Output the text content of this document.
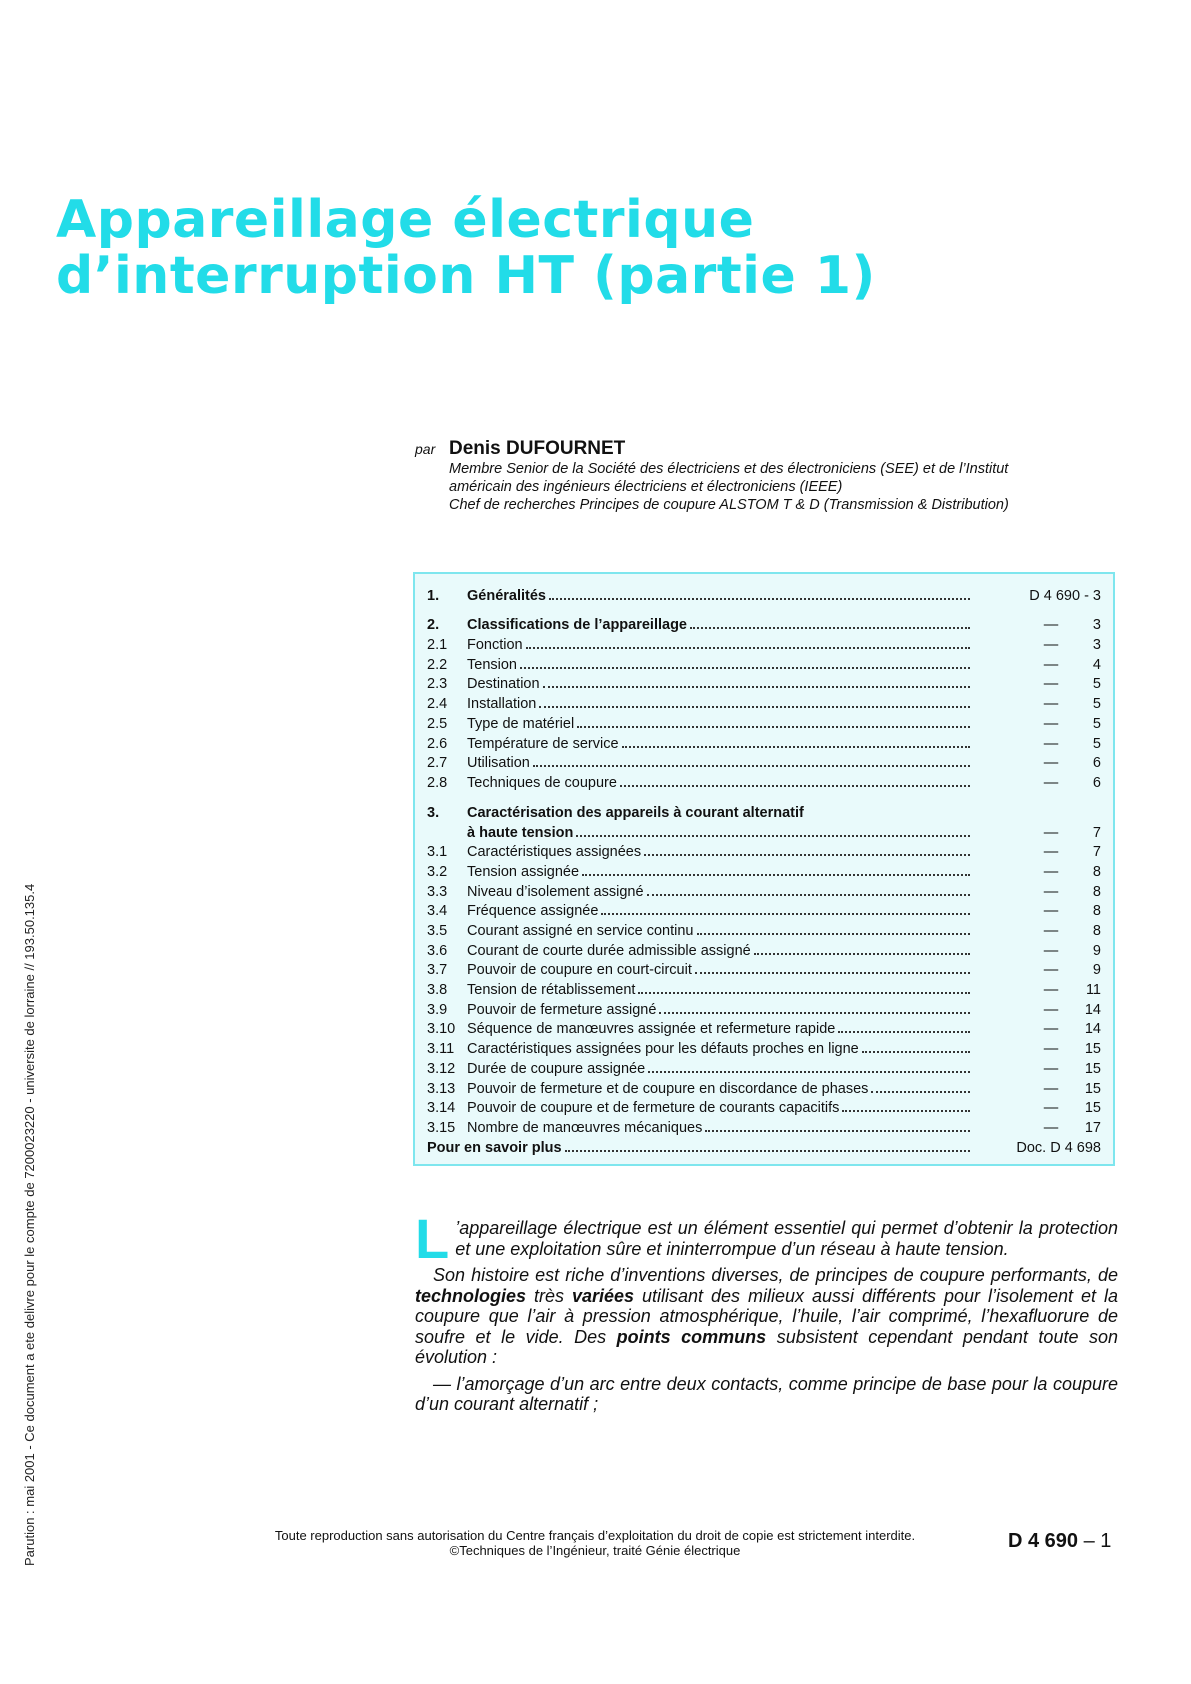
Appareillage électrique
d’interruption HT (partie 1)
par Denis DUFOURNET
Membre Senior de la Société des électriciens et des électroniciens (SEE) et de l’Institut
américain des ingénieurs électriciens et électroniciens (IEEE)
Chef de recherches Principes de coupure ALSTOM T & D (Transmission & Distribution)
1.	Généralités	D 4 690 - 3
2.	Classifications de l’appareillage	—	3
2.1	Fonction	—	3
2.2	Tension	—	4
2.3	Destination	—	5
2.4	Installation	—	5
2.5	Type de matériel	—	5
2.6	Température de service	—	5
2.7	Utilisation	—	6
2.8	Techniques de coupure	—	6
3.	Caractérisation des appareils à courant alternatif
à haute tension	—	7
3.1	Caractéristiques assignées	—	7
3.2	Tension assignée	—	8
3.3	Niveau d’isolement assigné	—	8
3.4	Fréquence assignée	—	8
3.5	Courant assigné en service continu	—	8
3.6	Courant de courte durée admissible assigné	—	9
3.7	Pouvoir de coupure en court-circuit	—	9
3.8	Tension de rétablissement	—	11
3.9	Pouvoir de fermeture assigné	—	14
3.10 Séquence de manœuvres assignée et refermeture rapide	—	14
3.11 Caractéristiques assignées pour les défauts proches en ligne	—	15
3.12 Durée de coupure assignée	—	15
3.13 Pouvoir de fermeture et de coupure en discordance de phases	—	15
3.14 Pouvoir de coupure et de fermeture de courants capacitifs	—	15
3.15 Nombre de manœuvres mécaniques	—	17
Pour en savoir plus	Doc. D 4 698

L ’appareillage électrique est un élément essentiel qui permet d’obtenir la protection et une exploitation sûre et ininterrompue d’un réseau à haute tension.

Son histoire est riche d’inventions diverses, de principes de coupure performants, de technologies très variées utilisant des milieux aussi différents pour l’isolement et la coupure que l’air à pression atmosphérique, l’huile, l’air comprimé, l’hexafluorure de soufre et le vide. Des points communs subsistent cependant pendant toute son évolution :

— l’amorçage d’un arc entre deux contacts, comme principe de base pour la coupure d’un courant alternatif ;

Toute reproduction sans autorisation du Centre français d’exploitation du droit de copie est strictement interdite.
©Techniques de l’Ingénieur, traité Génie électrique	D 4 690 – 1
Parution : mai 2001 - Ce document a ete delivre pour le compte de 7200023220 - universite de lorraine // 193.50.135.4
